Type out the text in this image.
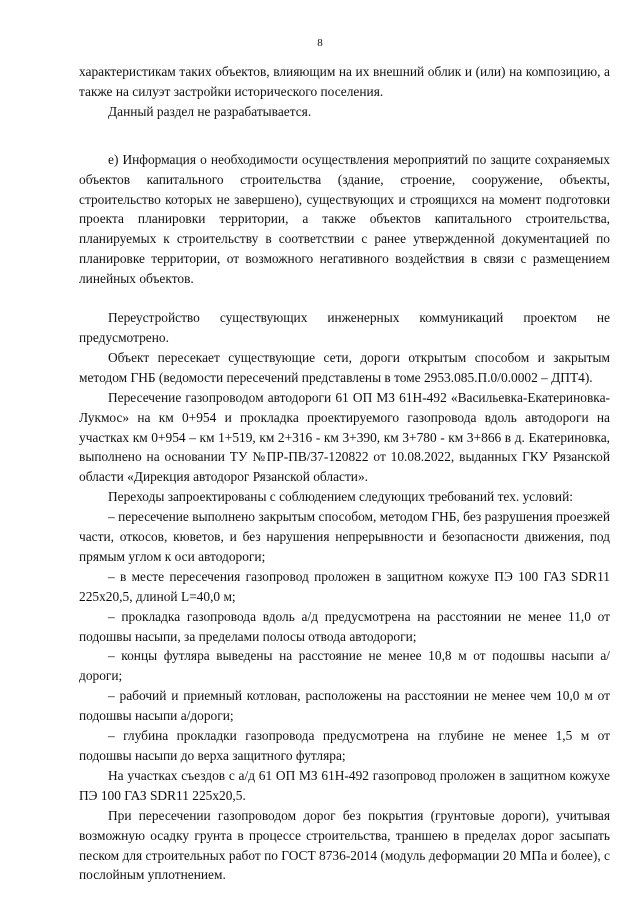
8

характеристикам таких объектов, влияющим на их внешний облик и (или) на композицию, а также на силуэт застройки исторического поселения.

Данный раздел не разрабатывается.

е) Информация о необходимости осуществления мероприятий по защите сохраняемых объектов капитального строительства (здание, строение, сооружение, объекты, строительство которых не завершено), существующих и строящихся на момент подготовки проекта планировки территории, а также объектов капитального строительства, планируемых к строительству в соответствии с ранее утвержденной документацией по планировке территории, от возможного негативного воздействия в связи с размещением линейных объектов.

Переустройство существующих инженерных коммуникаций проектом не предусмотрено.

Объект пересекает существующие сети, дороги открытым способом и закрытым методом ГНБ (ведомости пересечений представлены в томе 2953.085.П.0/0.0002 – ДПТ4).

Пересечение газопроводом автодороги 61 ОП МЗ 61Н-492 «Васильевка-Екатериновка-Лукмос» на км 0+954 и прокладка проектируемого газопровода вдоль автодороги на участках км 0+954 – км 1+519, км 2+316 - км 3+390, км 3+780 - км 3+866 в д. Екатериновка, выполнено на основании ТУ №ПР-ПВ/37-120822 от 10.08.2022, выданных ГКУ Рязанской области «Дирекция автодорог Рязанской области».

Переходы запроектированы с соблюдением следующих требований тех. условий:

– пересечение выполнено закрытым способом, методом ГНБ, без разрушения проезжей части, откосов, кюветов, и без нарушения непрерывности и безопасности движения, под прямым углом к оси автодороги;

– в месте пересечения газопровод проложен в защитном кожухе ПЭ 100 ГАЗ SDR11 225х20,5, длиной L=40,0 м;

– прокладка газопровода вдоль а/д предусмотрена на расстоянии не менее 11,0 от подошвы насыпи, за пределами полосы отвода автодороги;

– концы футляра выведены на расстояние не менее 10,8 м от подошвы насыпи а/дороги;

– рабочий и приемный котлован, расположены на расстоянии не менее чем 10,0 м от подошвы насыпи а/дороги;

– глубина прокладки газопровода предусмотрена на глубине не менее 1,5 м от подошвы насыпи до верха защитного футляра;

На участках съездов с а/д 61 ОП МЗ 61Н-492 газопровод проложен в защитном кожухе ПЭ 100 ГАЗ SDR11 225х20,5.

При пересечении газопроводом дорог без покрытия (грунтовые дороги), учитывая возможную осадку грунта в процессе строительства, траншею в пределах дорог засыпать песком для строительных работ по ГОСТ 8736-2014 (модуль деформации 20 МПа и более), с послойным уплотнением.
